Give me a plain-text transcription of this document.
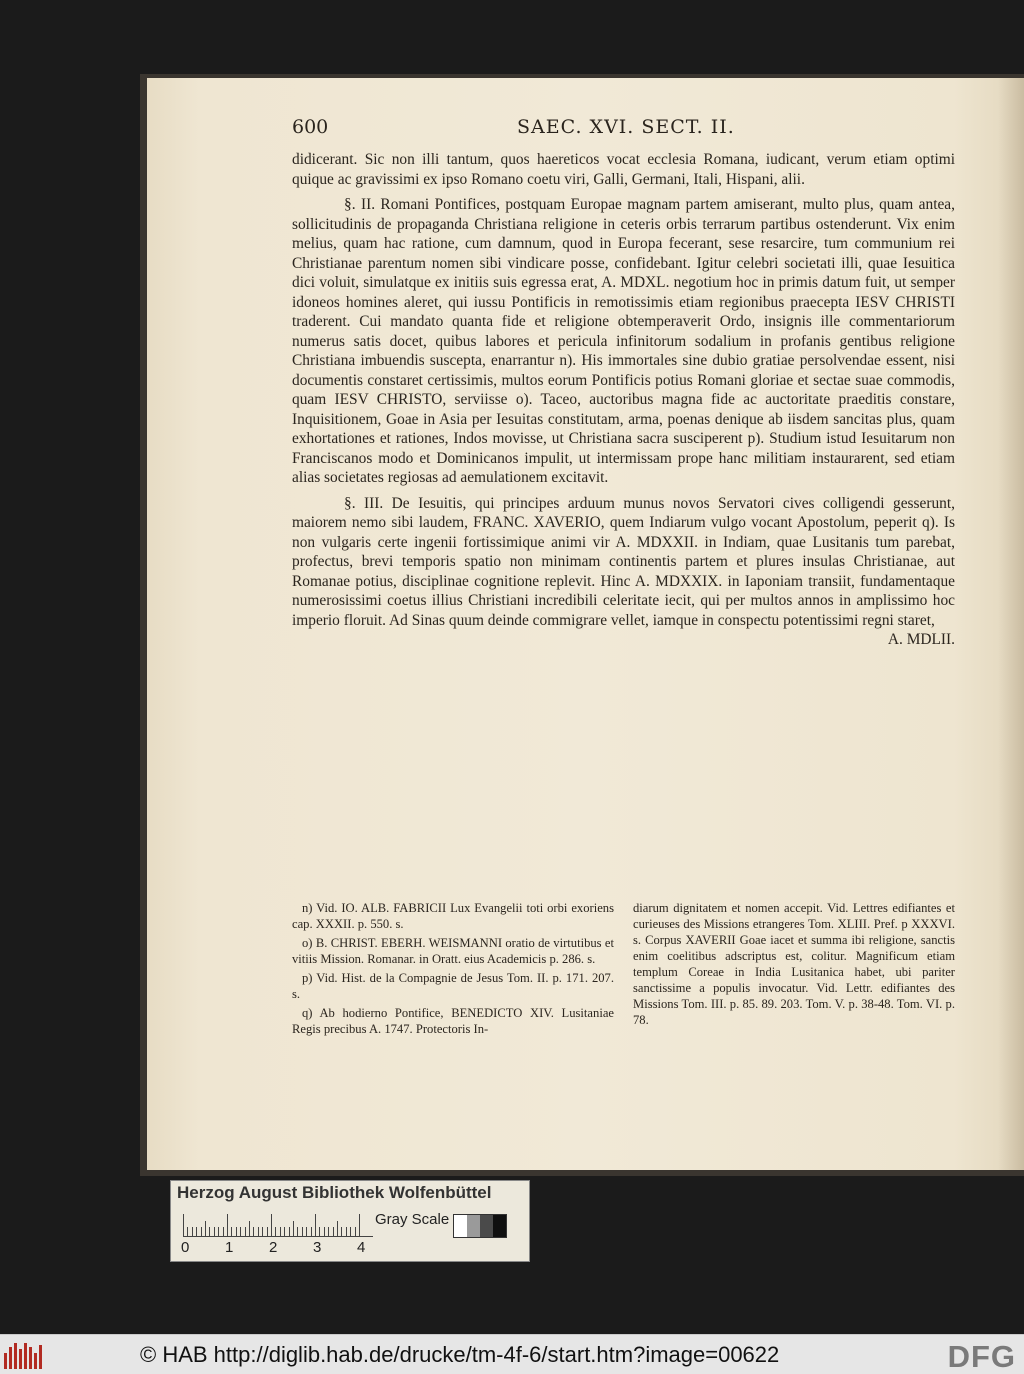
600	SAEC. XVI. SECT. II.

didicerant. Sic non illi tantum, quos haereticos vocat ecclesia Romana, iudicant, verum etiam optimi quique ac gravissimi ex ipso Romano coetu viri, Galli, Germani, Itali, Hispani, alii.

§. II. Romani Pontifices, postquam Europae magnam partem amiserant, multo plus, quam antea, sollicitudinis de propaganda Christiana religione in ceteris orbis terrarum partibus ostenderunt. Vix enim melius, quam hac ratione, cum damnum, quod in Europa fecerant, sese resarcire, tum communium rei Christianae parentum nomen sibi vindicare posse, confidebant. Igitur celebri societati illi, quae Iesuitica dici voluit, simulatque ex initiis suis egressa erat, A. MDXL. negotium hoc in primis datum fuit, ut semper idoneos homines aleret, qui iussu Pontificis in remotissimis etiam regionibus praecepta IESV CHRISTI traderent. Cui mandato quanta fide et religione obtemperaverit Ordo, insignis ille commentariorum numerus satis docet, quibus labores et pericula infinitorum sodalium in profanis gentibus religione Christiana imbuendis suscepta, enarrantur n). His immortales sine dubio gratiae persolvendae essent, nisi documentis constaret certissimis, multos eorum Pontificis potius Romani gloriae et sectae suae commodis, quam IESV CHRISTO, serviisse o). Taceo, auctoribus magna fide ac auctoritate praeditis constare, Inquisitionem, Goae in Asia per Iesuitas constitutam, arma, poenas denique ab iisdem sancitas plus, quam exhortationes et rationes, Indos movisse, ut Christiana sacra susciperent p). Studium istud Iesuitarum non Franciscanos modo et Dominicanos impulit, ut intermissam prope hanc militiam instaurarent, sed etiam alias societates regiosas ad aemulationem excitavit.

§. III. De Iesuitis, qui principes arduum munus novos Servatori cives colligendi gesserunt, maiorem nemo sibi laudem, FRANC. XAVERIO, quem Indiarum vulgo vocant Apostolum, peperit q). Is non vulgaris certe ingenii fortissimique animi vir A. MDXXII. in Indiam, quae Lusitanis tum parebat, profectus, brevi temporis spatio non minimam continentis partem et plures insulas Christianae, aut Romanae potius, disciplinae cognitione replevit. Hinc A. MDXXIX. in Iaponiam transiit, fundamentaque numerosissimi coetus illius Christiani incredibili celeritate iecit, qui per multos annos in amplissimo hoc imperio floruit. Ad Sinas quum deinde commigrare vellet, iamque in conspectu potentissimi regni staret,

A. MDLII.

n) Vid. IO. ALB. FABRICII Lux Evangelii toti orbi exoriens cap. XXXII. p. 550. s.

o) B. CHRIST. EBERH. WEISMANNI oratio de virtutibus et vitiis Mission. Romanar. in Oratt. eius Academicis p. 286. s.

p) Vid. Hist. de la Compagnie de Jesus Tom. II. p. 171. 207. s.

q) Ab hodierno Pontifice, BENEDICTO XIV. Lusitaniae Regis precibus A. 1747. Protectoris In-

diarum dignitatem et nomen accepit. Vid. Lettres edifiantes et curieuses des Missions etrangeres Tom. XLIII. Pref. p XXXVI. s. Corpus XAVERII Goae iacet et summa ibi religione, sanctis enim coelitibus adscriptus est, colitur. Magnificum etiam templum Coreae in India Lusitanica habet, ubi pariter sanctissime a populis invocatur. Vid. Lettr. edifiantes des Missions Tom. III. p. 85. 89. 203. Tom. V. p. 38-48. Tom. VI. p. 78.

Herzog August Bibliothek Wolfenbüttel
0 1 2 3 4
Gray Scale
© HAB http://diglib.hab.de/drucke/tm-4f-6/start.htm?image=00622	DFG
